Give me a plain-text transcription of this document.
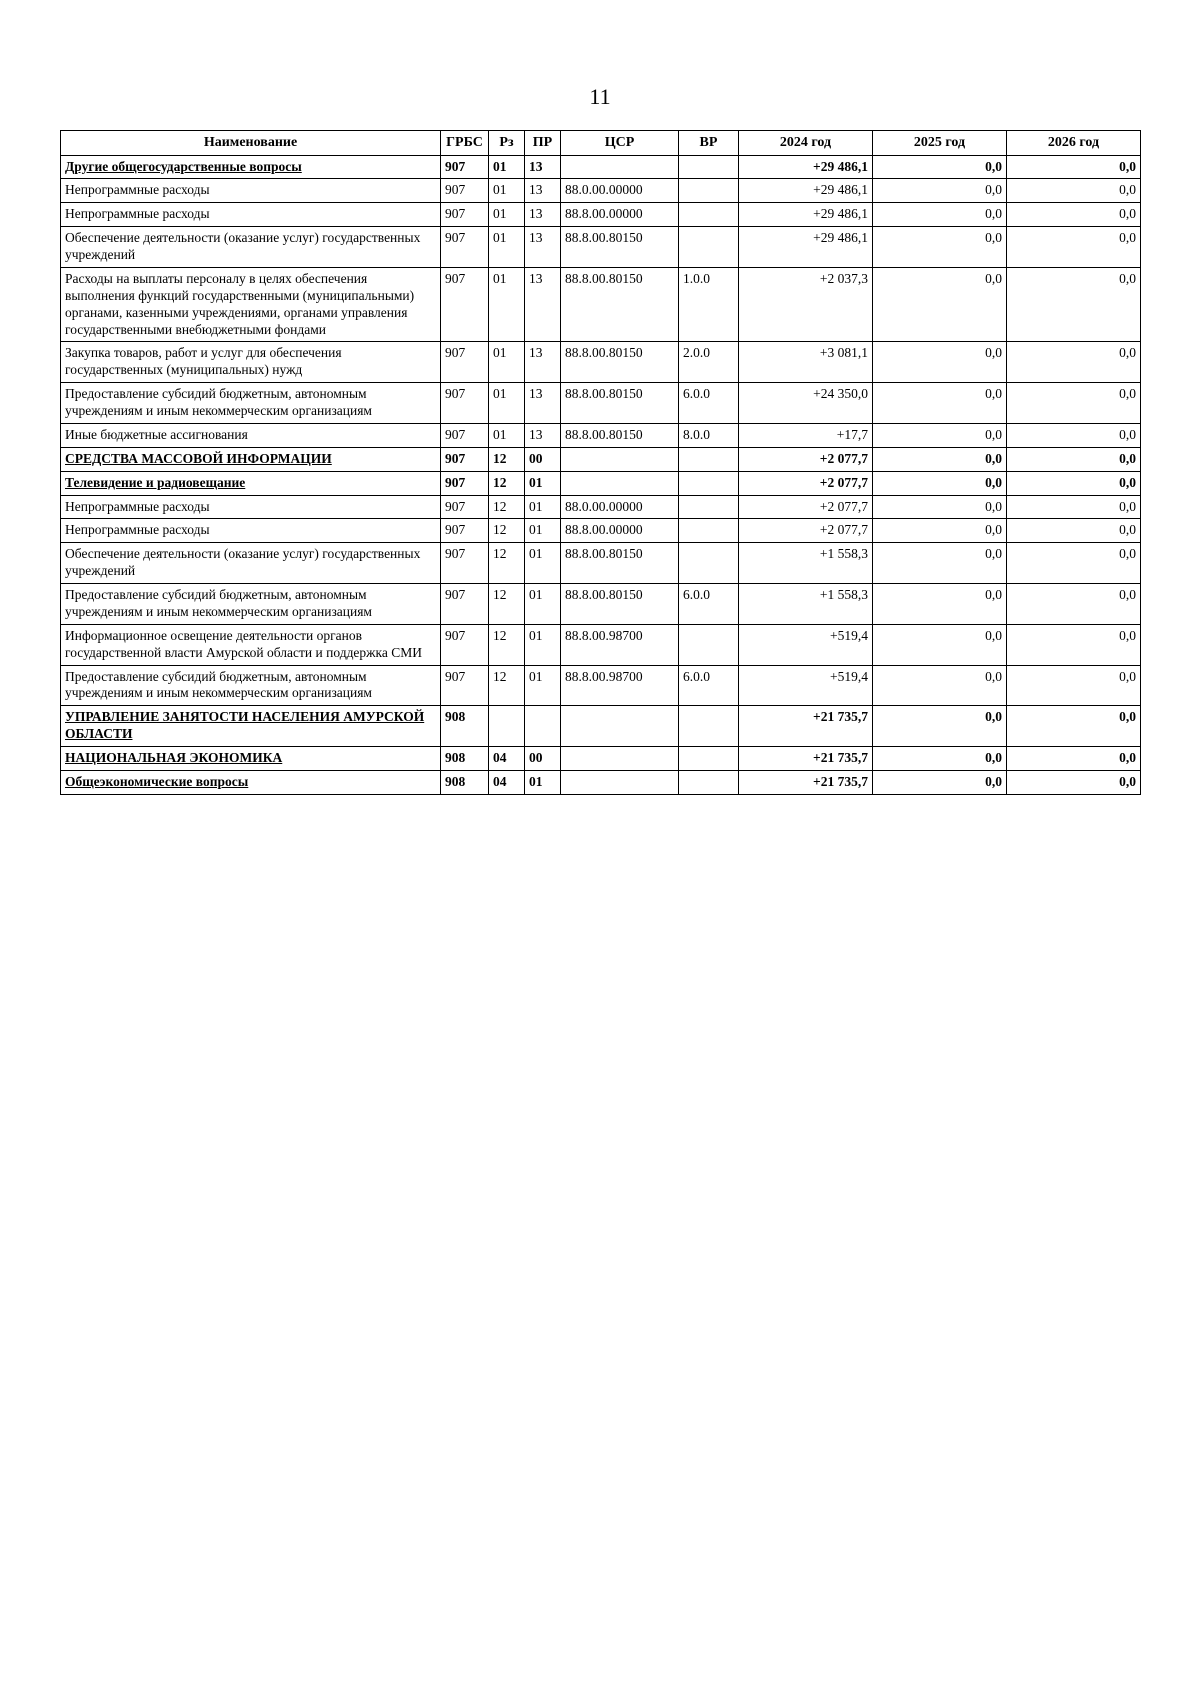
11
Наименование	ГРБС	Рз	ПР	ЦСР	ВР	2024 год	2025 год	2026 год
Другие общегосударственные вопросы	907	01	13			+29 486,1	0,0	0,0
Непрограммные расходы	907	01	13	88.0.00.00000		+29 486,1	0,0	0,0
Непрограммные расходы	907	01	13	88.8.00.00000		+29 486,1	0,0	0,0
Обеспечение деятельности (оказание услуг) государственных учреждений	907	01	13	88.8.00.80150		+29 486,1	0,0	0,0
Расходы на выплаты персоналу в целях обеспечения выполнения функций государственными (муниципальными) органами, казенными учреждениями, органами управления государственными внебюджетными фондами	907	01	13	88.8.00.80150	1.0.0	+2 037,3	0,0	0,0
Закупка товаров, работ и услуг для обеспечения государственных (муниципальных) нужд	907	01	13	88.8.00.80150	2.0.0	+3 081,1	0,0	0,0
Предоставление субсидий бюджетным, автономным учреждениям и иным некоммерческим организациям	907	01	13	88.8.00.80150	6.0.0	+24 350,0	0,0	0,0
Иные бюджетные ассигнования	907	01	13	88.8.00.80150	8.0.0	+17,7	0,0	0,0
СРЕДСТВА МАССОВОЙ ИНФОРМАЦИИ	907	12	00			+2 077,7	0,0	0,0
Телевидение и радиовещание	907	12	01			+2 077,7	0,0	0,0
Непрограммные расходы	907	12	01	88.0.00.00000		+2 077,7	0,0	0,0
Непрограммные расходы	907	12	01	88.8.00.00000		+2 077,7	0,0	0,0
Обеспечение деятельности (оказание услуг) государственных учреждений	907	12	01	88.8.00.80150		+1 558,3	0,0	0,0
Предоставление субсидий бюджетным, автономным учреждениям и иным некоммерческим организациям	907	12	01	88.8.00.80150	6.0.0	+1 558,3	0,0	0,0
Информационное освещение деятельности органов государственной власти Амурской области и поддержка СМИ	907	12	01	88.8.00.98700		+519,4	0,0	0,0
Предоставление субсидий бюджетным, автономным учреждениям и иным некоммерческим организациям	907	12	01	88.8.00.98700	6.0.0	+519,4	0,0	0,0
УПРАВЛЕНИЕ ЗАНЯТОСТИ НАСЕЛЕНИЯ АМУРСКОЙ ОБЛАСТИ	908					+21 735,7	0,0	0,0
НАЦИОНАЛЬНАЯ ЭКОНОМИКА	908	04	00			+21 735,7	0,0	0,0
Общеэкономические вопросы	908	04	01			+21 735,7	0,0	0,0
